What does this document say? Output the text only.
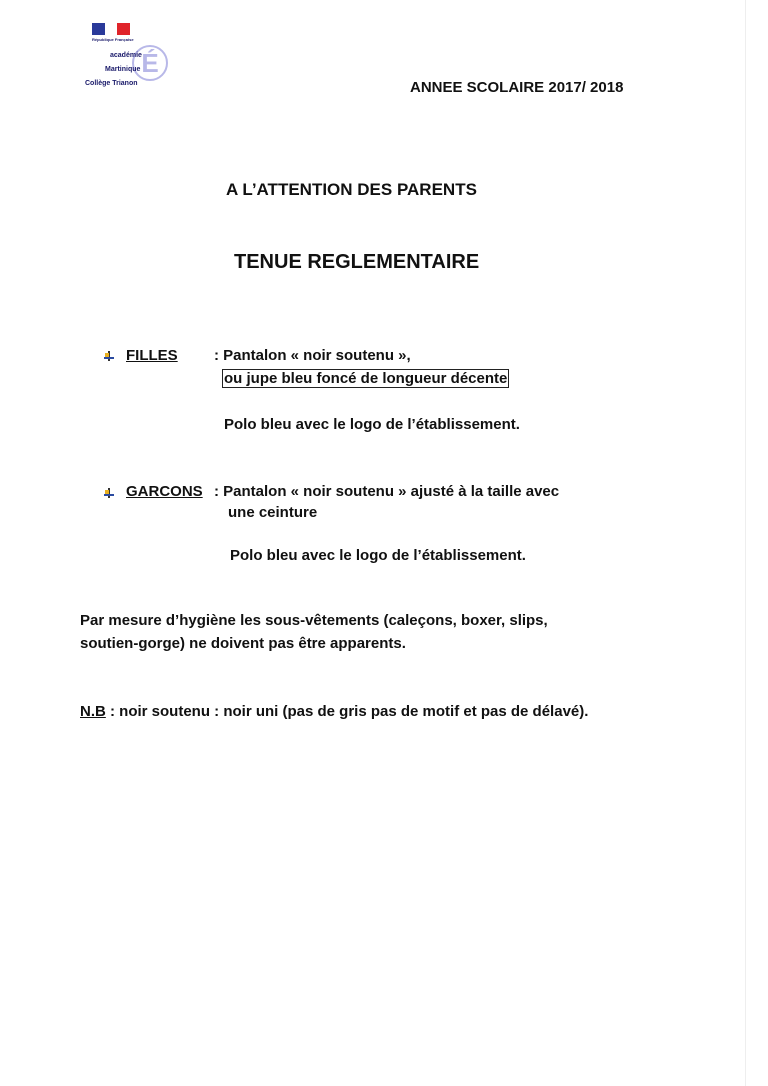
République Française
É
académie
Martinique
Collège Trianon	ANNEE SCOLAIRE 2017/ 2018
A L’ATTENTION DES PARENTS
TENUE REGLEMENTAIRE
FILLES : Pantalon « noir soutenu »,
ou jupe bleu foncé de longueur décente
Polo bleu avec le logo de l’établissement.
GARCONS : Pantalon « noir soutenu » ajusté à la taille avec
une ceinture
Polo bleu avec le logo de l’établissement.
Par mesure d’hygiène les sous-vêtements (caleçons, boxer, slips,
soutien-gorge) ne doivent pas être apparents.
N.B : noir soutenu : noir uni (pas de gris pas de motif et pas de délavé).
